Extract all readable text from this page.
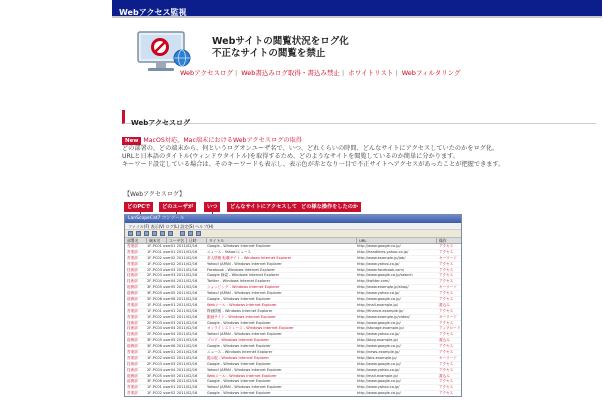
Webアクセス監視
Webサイトの閲覧状況をログ化
不正なサイトの閲覧を禁止
Webアクセスログ | Web書込みログ取得・書込み禁止 | ホワイトリスト | Webフィルタリング
Webアクセスログ
New MacOS対応。Mac端末におけるWebアクセスログの取得
どの部署の、どの端末から、何というログオンユーザ名で、いつ、どれくらいの時間、どんなサイトにアクセスしていたのかをログ化。
URLと日本語のタイトル(ウィンドウタイトル)を取得するため、どのようなサイトを閲覧しているのか簡単に分かります。
キーワード設定している場合は、そのキーワードも表示し、表示色が赤となり一目で不正サイトへアクセスがあったことが把握できます。
【Webアクセスログ】
どのPCで	どのユーザが	いつ	どんなサイトにアクセスして どの様な操作をしたのか
LanScopeCat7 コンソール
ファイル(F) 表示(V) ログ(L) 設定(S) ヘルプ(H)
部署名	端末名 ユーザ名 日時	タイトル	URL	操作
営業部	1F-PC01 user01 2011/02/16	Google - Windows Internet Explorer	http://www.google.co.jp/	アクセス
営業部	1F-PC01 user01 2011/02/16	ニュース - Yahoo!ニュース	http://headlines.yahoo.co.jp/	アクセス
営業部	1F-PC02 user02 2011/02/16	求人情報 転職サイト - Windows Internet Explorer	http://www.example.jp/job/	キーワード
営業部	1F-PC02 user02 2011/02/16	Yahoo! JAPAN - Windows Internet Explorer	http://www.yahoo.co.jp/	アクセス
技術部	2F-PC03 user03 2011/02/16	Facebook - Windows Internet Explorer	http://www.facebook.com/	アクセス
技術部	2F-PC03 user03 2011/02/16	Google 検索 - Windows Internet Explorer	http://www.google.co.jp/search	アクセス
技術部	2F-PC04 user04 2011/02/16	Twitter - Windows Internet Explorer	http://twitter.com/	アクセス
総務部	3F-PC05 user05 2011/02/16	ショッピング - Windows Internet Explorer	http://www.example.jp/shop/	キーワード
総務部	3F-PC05 user05 2011/02/16	Yahoo! JAPAN - Windows Internet Explorer	http://www.yahoo.co.jp/	アクセス
総務部	3F-PC06 user06 2011/02/16	Google - Windows Internet Explorer	http://www.google.co.jp/	アクセス
営業部	1F-PC01 user01 2011/02/16	Webメール - Windows Internet Explorer	http://mail.example.jp/	書込み
営業部	1F-PC01 user01 2011/02/16	株価情報 - Windows Internet Explorer	http://finance.example.jp/	アクセス
営業部	1F-PC02 user02 2011/02/16	動画サイト - Windows Internet Explorer	http://www.example.jp/video/	キーワード
技術部	2F-PC03 user03 2011/02/16	Google - Windows Internet Explorer	http://www.google.co.jp/	アクセス
技術部	2F-PC04 user04 2011/02/16	オンラインストレージ - Windows Internet Explorer	http://storage.example.jp/	アップロード
技術部	2F-PC04 user04 2011/02/16	Yahoo! JAPAN - Windows Internet Explorer	http://www.yahoo.co.jp/	アクセス
総務部	3F-PC05 user05 2011/02/16	ブログ - Windows Internet Explorer	http://blog.example.jp/	書込み
総務部	3F-PC06 user06 2011/02/16	Google - Windows Internet Explorer	http://www.google.co.jp/	アクセス
営業部	1F-PC01 user01 2011/02/16	ニュース - Windows Internet Explorer	http://news.example.jp/	アクセス
営業部	1F-PC02 user02 2011/02/16	掲示板 - Windows Internet Explorer	http://bbs.example.jp/	キーワード
技術部	2F-PC03 user03 2011/02/16	Google - Windows Internet Explorer	http://www.google.co.jp/	アクセス
技術部	2F-PC04 user04 2011/02/16	Yahoo! JAPAN - Windows Internet Explorer	http://www.yahoo.co.jp/	アクセス
総務部	3F-PC05 user05 2011/02/16	Webメール - Windows Internet Explorer	http://mail.example.jp/	書込み
総務部	3F-PC06 user06 2011/02/16	Google - Windows Internet Explorer	http://www.google.co.jp/	アクセス
営業部	1F-PC01 user01 2011/02/16	Yahoo! JAPAN - Windows Internet Explorer	http://www.yahoo.co.jp/	アクセス
営業部	1F-PC02 user02 2011/02/16	Google - Windows Internet Explorer	http://www.google.co.jp/	アクセス
